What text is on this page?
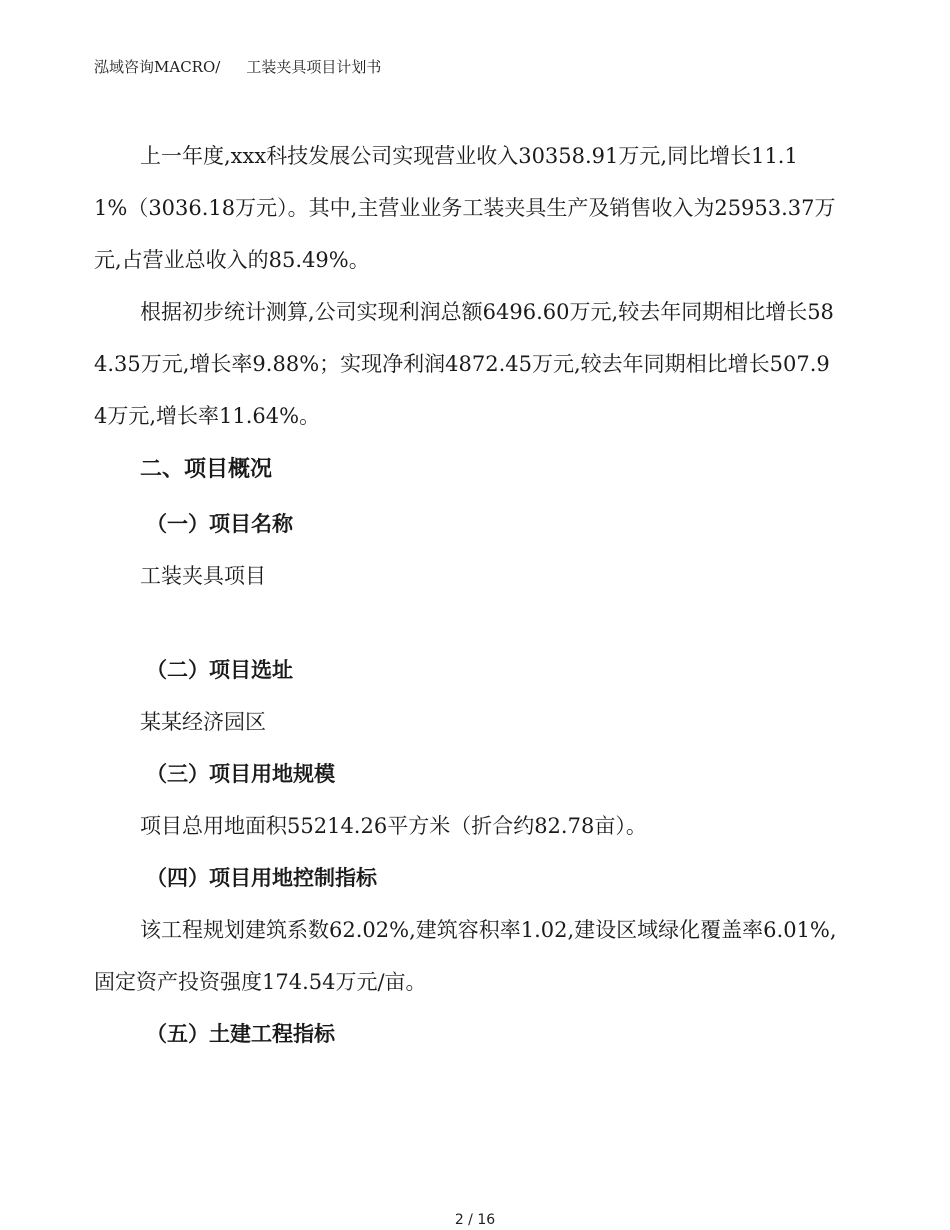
泓域咨询MACRO/ 工装夹具项目计划书

上一年度,xxx科技发展公司实现营业收入30358.91万元,同比增长11.11%（3036.18万元）。其中,主营业业务工装夹具生产及销售收入为25953.37万元,占营业总收入的85.49%。

根据初步统计测算,公司实现利润总额6496.60万元,较去年同期相比增长584.35万元,增长率9.88%；实现净利润4872.45万元,较去年同期相比增长507.94万元,增长率11.64%。

二、项目概况
（一）项目名称
工装夹具项目
（二）项目选址
某某经济园区
（三）项目用地规模
项目总用地面积55214.26平方米（折合约82.78亩）。
（四）项目用地控制指标

该工程规划建筑系数62.02%,建筑容积率1.02,建设区域绿化覆盖率6.01%,固定资产投资强度174.54万元/亩。

（五）土建工程指标
2 / 16
